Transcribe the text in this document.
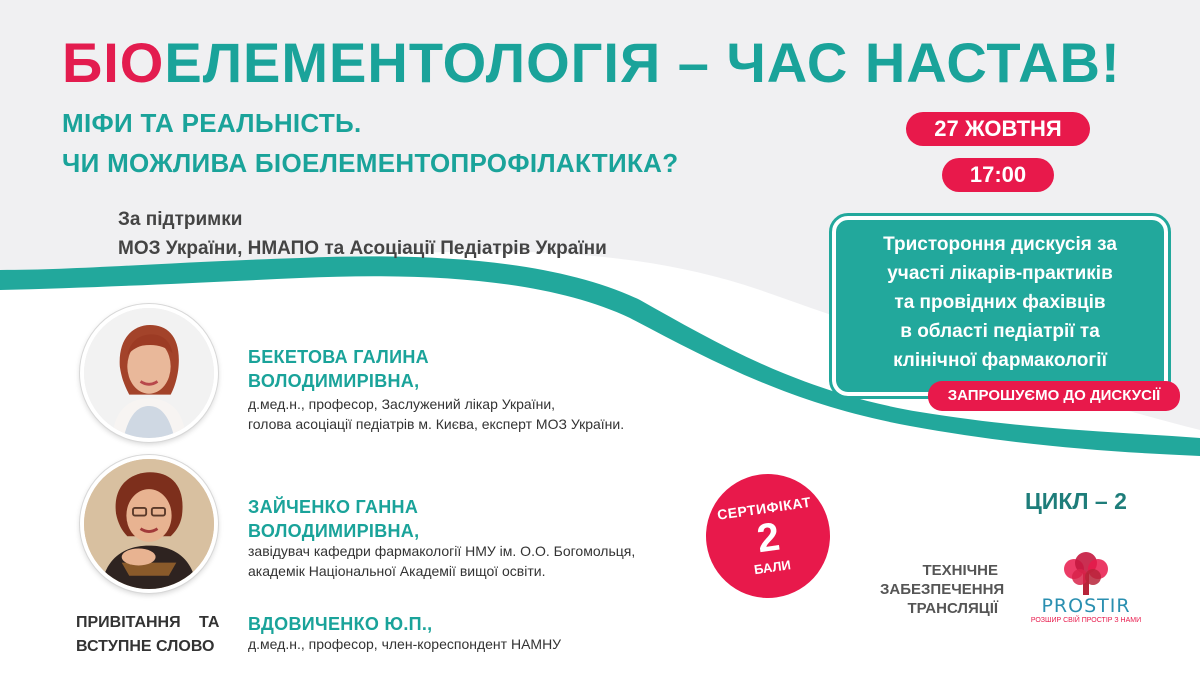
БІОЕЛЕМЕНТОЛОГІЯ – ЧАС НАСТАВ!
МІФИ ТА РЕАЛЬНІСТЬ.
ЧИ МОЖЛИВА БІОЕЛЕМЕНТОПРОФІЛАКТИКА?
За підтримки
МОЗ України, НМАПО та Асоціації Педіатрів України
27 ЖОВТНЯ
17:00
Тристороння дискусія за
участі лікарів-практиків
та провідних фахівців
в області педіатрії та
клінічної фармакології
ЗАПРОШУЄМО ДО ДИСКУСІЇ
БЕКЕТОВА ГАЛИНА
ВОЛОДИМИРІВНА,
д.мед.н., професор, Заслужений лікар України,
голова асоціації педіатрів м. Києва, експерт МОЗ України.
ЗАЙЧЕНКО ГАННА
ВОЛОДИМИРІВНА,
завідувач кафедри фармакології НМУ ім. О.О. Богомольця,
академік Національної Академії вищої освіти.
ВДОВИЧЕНКО Ю.П.,
д.мед.н., професор, член-кореспондент НАМНУ
ПРИВІТАННЯ ТА
ВСТУПНЕ СЛОВО
СЕРТИФІКАТ
2
БАЛИ
ЦИКЛ – 2
ТЕХНІЧНЕ
ЗАБЕЗПЕЧЕННЯ
ТРАНСЛЯЦІЇ	PROSTIR
РОЗШИР СВІЙ ПРОСТІР З НАМИ
